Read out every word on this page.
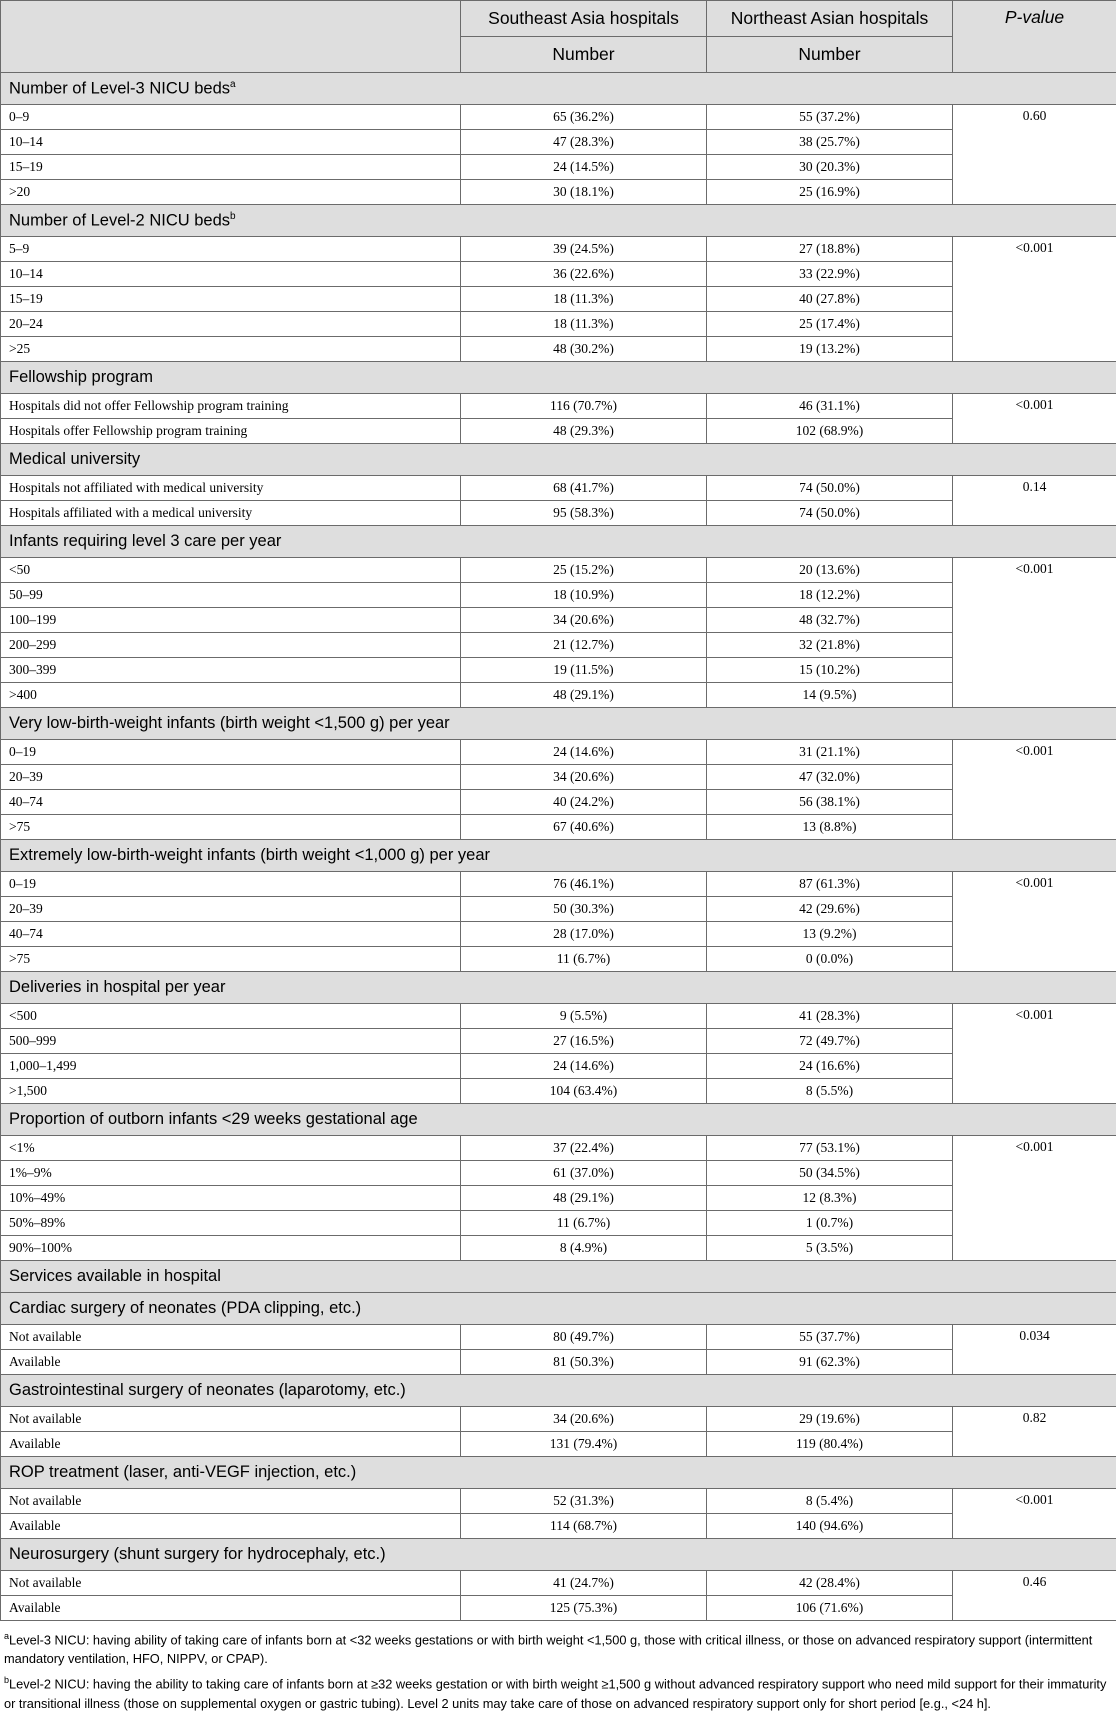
	Southeast Asia hospitals	Northeast Asian hospitals	P-value
	Number	Number	
Number of Level-3 NICU beds$^a$
0–9	65 (36.2%)	55 (37.2%)	0.60
10–14	47 (28.3%)	38 (25.7%)	
15–19	24 (14.5%)	30 (20.3%)	
>20	30 (18.1%)	25 (16.9%)	
Number of Level-2 NICU beds$^b$
5–9	39 (24.5%)	27 (18.8%)	<0.001
10–14	36 (22.6%)	33 (22.9%)	
15–19	18 (11.3%)	40 (27.8%)	
20–24	18 (11.3%)	25 (17.4%)	
>25	48 (30.2%)	19 (13.2%)	
Fellowship program			
Hospitals did not offer Fellowship program training	116 (70.7%)	46 (31.1%)	<0.001
Hospitals offer Fellowship program training	48 (29.3%)	102 (68.9%)	
Medical university			
Hospitals not affiliated with medical university	68 (41.7%)	74 (50.0%)	0.14
Hospitals affiliated with a medical university	95 (58.3%)	74 (50.0%)	
Infants requiring level 3 care per year			
<50	25 (15.2%)	20 (13.6%)	<0.001
50–99	18 (10.9%)	18 (12.2%)	
100–199	34 (20.6%)	48 (32.7%)	
200–299	21 (12.7%)	32 (21.8%)	
300–399	19 (11.5%)	15 (10.2%)	
>400	48 (29.1%)	14 (9.5%)	
Very low-birth-weight infants (birth weight <1,500 g) per year			
0–19	24 (14.6%)	31 (21.1%)	<0.001
20–39	34 (20.6%)	47 (32.0%)	
40–74	40 (24.2%)	56 (38.1%)	
>75	67 (40.6%)	13 (8.8%)	
Extremely low-birth-weight infants (birth weight <1,000 g) per year			
0–19	76 (46.1%)	87 (61.3%)	<0.001
20–39	50 (30.3%)	42 (29.6%)	
40–74	28 (17.0%)	13 (9.2%)	
>75	11 (6.7%)	0 (0.0%)	
Deliveries in hospital per year			
<500	9 (5.5%)	41 (28.3%)	<0.001
500–999	27 (16.5%)	72 (49.7%)	
1,000–1,499	24 (14.6%)	24 (16.6%)	
>1,500	104 (63.4%)	8 (5.5%)	
Proportion of outborn infants <29 weeks gestational age			
<1%	37 (22.4%)	77 (53.1%)	<0.001
1%–9%	61 (37.0%)	50 (34.5%)	
10%–49%	48 (29.1%)	12 (8.3%)	
50%–89%	11 (6.7%)	1 (0.7%)	
90%–100%	8 (4.9%)	5 (3.5%)	
Services available in hospital			
Cardiac surgery of neonates (PDA clipping, etc.)			
Not available	80 (49.7%)	55 (37.7%)	0.034
Available	81 (50.3%)	91 (62.3%)	
Gastrointestinal surgery of neonates (laparotomy, etc.)			
Not available	34 (20.6%)	29 (19.6%)	0.82
Available	131 (79.4%)	119 (80.4%)	
ROP treatment (laser, anti-VEGF injection, etc.)			
Not available	52 (31.3%)	8 (5.4%)	<0.001
Available	114 (68.7%)	140 (94.6%)	
Neurosurgery (shunt surgery for hydrocephaly, etc.)			
Not available	41 (24.7%)	42 (28.4%)	0.46
Available	125 (75.3%)	106 (71.6%)	

$^a$Level-3 NICU: having ability of taking care of infants born at <32 weeks gestations or with birth weight <1,500 g, those with critical illness, or those on advanced respiratory support (intermittent mandatory ventilation, HFO, NIPPV, or CPAP).

$^b$Level-2 NICU: having the ability to taking care of infants born at ≥32 weeks gestation or with birth weight ≥1,500 g without advanced respiratory support who need mild support for their immaturity or transitional illness (those on supplemental oxygen or gastric tubing). Level 2 units may take care of those on advanced respiratory support only for short period [e.g., <24 h].
